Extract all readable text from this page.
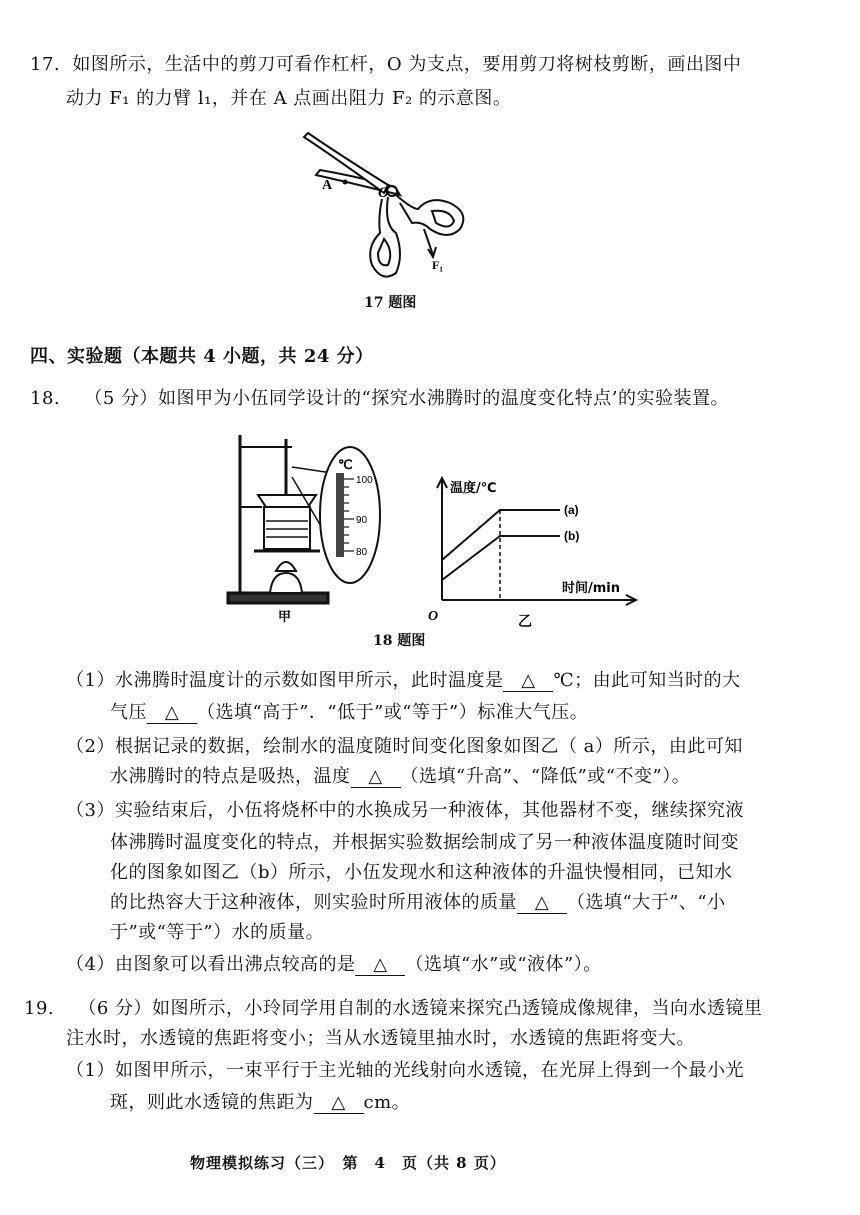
17. 如图所示，生活中的剪刀可看作杠杆，O 为支点，要用剪刀将树枝剪断，画出图中
动力 F₁ 的力臂 l₁，并在 A 点画出阻力 F₂ 的示意图。
A	O
F₁
17 题图
四、实验题（本题共 4 小题，共 24 分）
18. （5 分）如图甲为小伍同学设计的“探究水沸腾时的温度变化特点’的实验装置。
℃
100
90
80
甲
温度/℃
时间/min
O
(a)
(b)
乙
18 题图
（1）水沸腾时温度计的示数如图甲所示，此时温度是 △ ℃；由此可知当时的大
气压 △ （选填“高于”．“低于”或“等于”）标准大气压。
（2）根据记录的数据，绘制水的温度随时间变化图象如图乙（ a）所示，由此可知
水沸腾时的特点是吸热，温度 △ （选填“升高”、“降低”或“不变”）。
（3）实验结束后，小伍将烧杯中的水换成另一种液体，其他器材不变，继续探究液
体沸腾时温度变化的特点，并根据实验数据绘制成了另一种液体温度随时间变
化的图象如图乙（b）所示，小伍发现水和这种液体的升温快慢相同，已知水
的比热容大于这种液体，则实验时所用液体的质量 △ （选填“大于”、“小
于”或“等于”）水的质量。
（4）由图象可以看出沸点较高的是 △ （选填“水”或“液体”）。
19. （6 分）如图所示，小玲同学用自制的水透镜来探究凸透镜成像规律，当向水透镜里
注水时，水透镜的焦距将变小；当从水透镜里抽水时，水透镜的焦距将变大。
（1）如图甲所示，一束平行于主光轴的光线射向水透镜，在光屏上得到一个最小光
斑，则此水透镜的焦距为 △ cm。
物理模拟练习（三）　第　4　页（共 8 页）
